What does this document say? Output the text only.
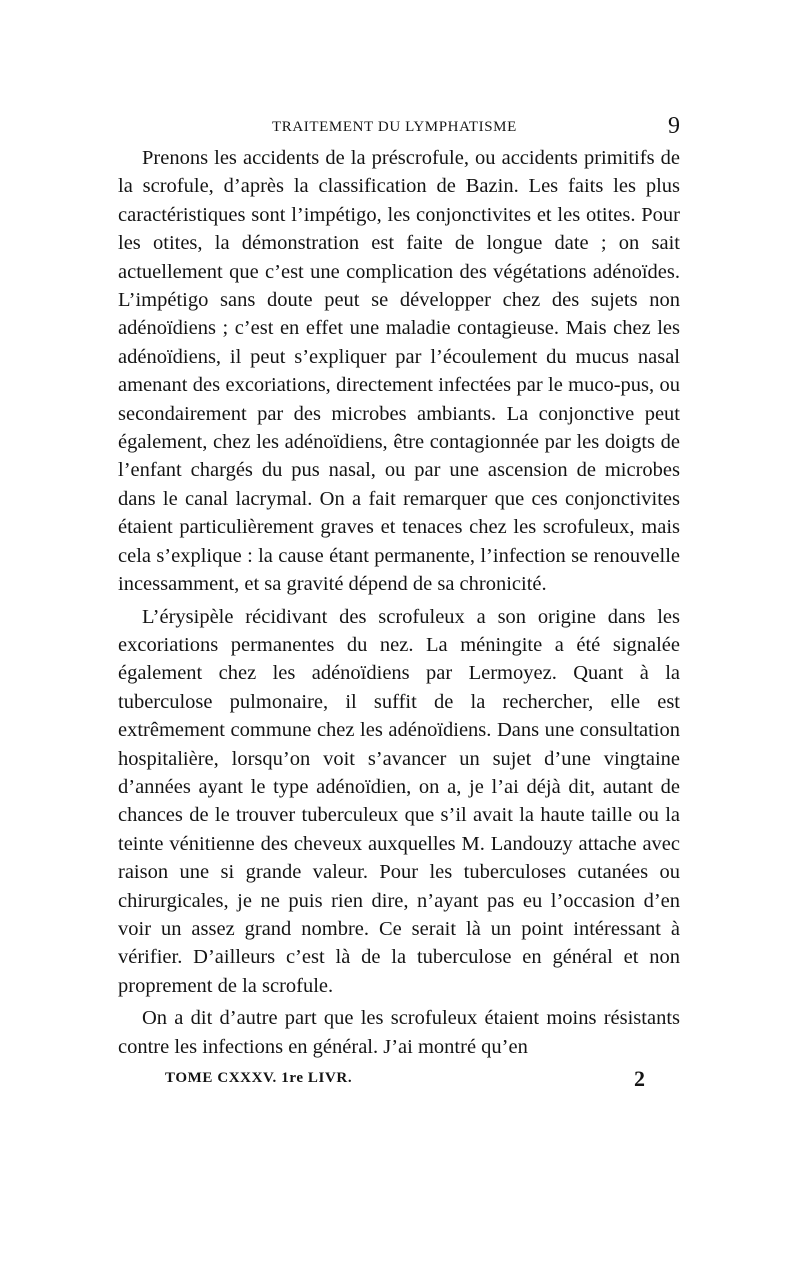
TRAITEMENT DU LYMPHATISME	9

Prenons les accidents de la préscrofule, ou accidents primitifs de la scrofule, d’après la classification de Bazin. Les faits les plus caractéristiques sont l’impétigo, les conjonctivites et les otites. Pour les otites, la démonstration est faite de longue date ; on sait actuellement que c’est une complication des végétations adénoïdes. L’impétigo sans doute peut se développer chez des sujets non adénoïdiens ; c’est en effet une maladie contagieuse. Mais chez les adénoïdiens, il peut s’expliquer par l’écoulement du mucus nasal amenant des excoriations, directement infectées par le muco-pus, ou secondairement par des microbes ambiants. La conjonctive peut également, chez les adénoïdiens, être contagionnée par les doigts de l’enfant chargés du pus nasal, ou par une ascension de microbes dans le canal lacrymal. On a fait remarquer que ces conjonctivites étaient particulièrement graves et tenaces chez les scrofuleux, mais cela s’explique : la cause étant permanente, l’infection se renouvelle incessamment, et sa gravité dépend de sa chronicité.

L’érysipèle récidivant des scrofuleux a son origine dans les excoriations permanentes du nez. La méningite a été signalée également chez les adénoïdiens par Lermoyez. Quant à la tuberculose pulmonaire, il suffit de la rechercher, elle est extrêmement commune chez les adénoïdiens. Dans une consultation hospitalière, lorsqu’on voit s’avancer un sujet d’une vingtaine d’années ayant le type adénoïdien, on a, je l’ai déjà dit, autant de chances de le trouver tuberculeux que s’il avait la haute taille ou la teinte vénitienne des cheveux auxquelles M. Landouzy attache avec raison une si grande valeur. Pour les tuberculoses cutanées ou chirurgicales, je ne puis rien dire, n’ayant pas eu l’occasion d’en voir un assez grand nombre. Ce serait là un point intéressant à vérifier. D’ailleurs c’est là de la tuberculose en général et non proprement de la scrofule.

On a dit d’autre part que les scrofuleux étaient moins résistants contre les infections en général. J’ai montré qu’en

TOME CXXXV. 1re LIVR.	2
